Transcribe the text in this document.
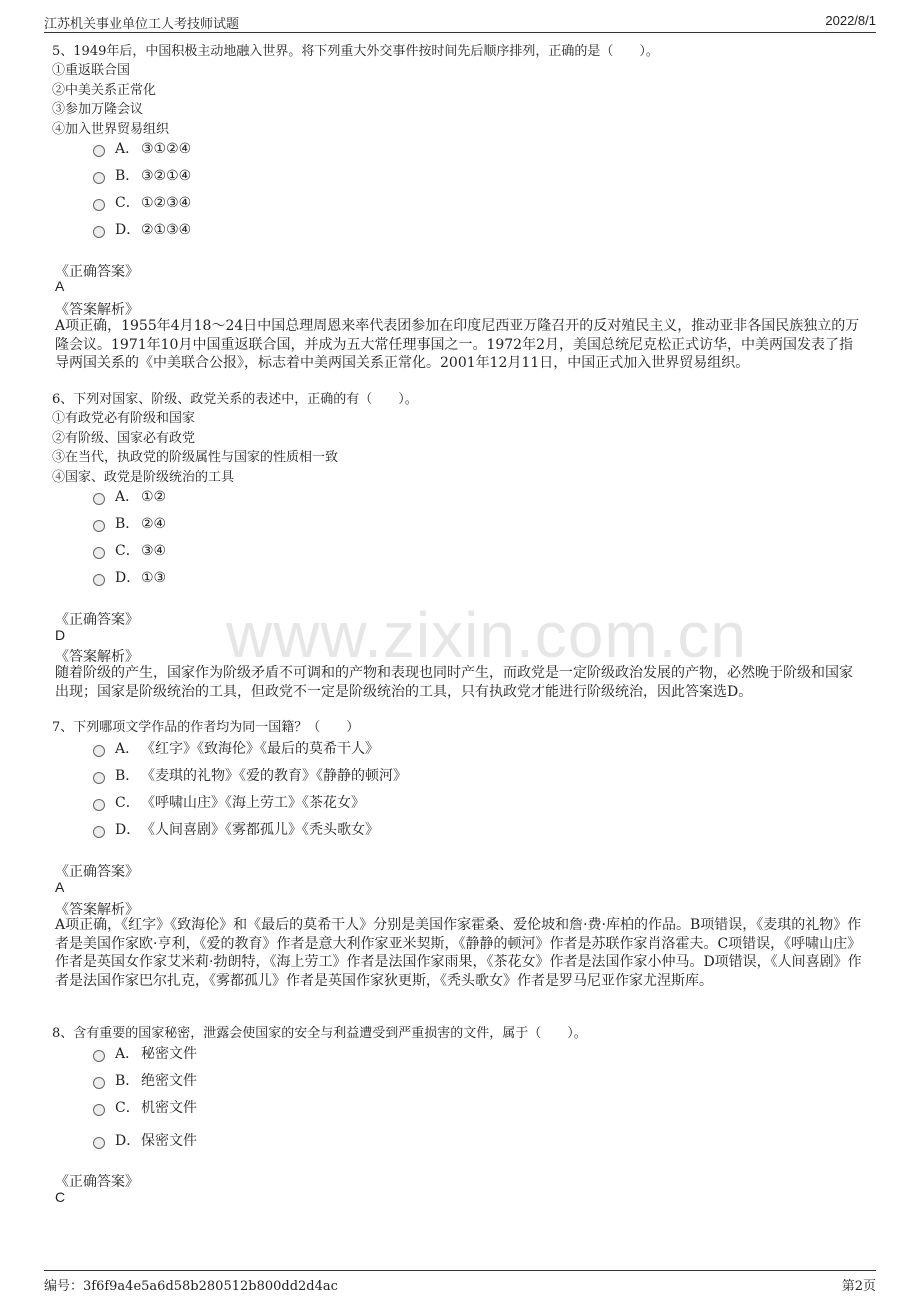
江苏机关事业单位工人考技师试题	2022/8/1
www.zixin.com.cn
5、1949年后，中国积极主动地融入世界。将下列重大外交事件按时间先后顺序排列，正确的是（　　）。
①重返联合国
②中美关系正常化
③参加万隆会议
④加入世界贸易组织
A． ③①②④
B． ③②①④
C．①②③④
D．②①③④
《正确答案》
A
《答案解析》
A项正确，1955年4月18～24日中国总理周恩来率代表团参加在印度尼西亚万隆召开的反对殖民主义，推动亚非各国民族独立的万隆会议。1971年10月中国重返联合国，并成为五大常任理事国之一。1972年2月，美国总统尼克松正式访华，中美两国发表了指导两国关系的《中美联合公报》，标志着中美两国关系正常化。2001年12月11日，中国正式加入世界贸易组织。
6、下列对国家、阶级、政党关系的表述中，正确的有（　　）。
①有政党必有阶级和国家
②有阶级、国家必有政党
③在当代，执政党的阶级属性与国家的性质相一致
④国家、政党是阶级统治的工具
A． ①②
B． ②④
C．③④
D．①③
《正确答案》
D
《答案解析》
随着阶级的产生，国家作为阶级矛盾不可调和的产物和表现也同时产生，而政党是一定阶级政治发展的产物，必然晚于阶级和国家出现；国家是阶级统治的工具，但政党不一定是阶级统治的工具，只有执政党才能进行阶级统治，因此答案选D。
7、下列哪项文学作品的作者均为同一国籍？（　　）
A． 《红字》《致海伦》《最后的莫希干人》
B． 《麦琪的礼物》《爱的教育》《静静的顿河》
C．《呼啸山庄》《海上劳工》《茶花女》
D．《人间喜剧》《雾都孤儿》《秃头歌女》
《正确答案》
A
《答案解析》
A项正确，《红字》《致海伦》和《最后的莫希干人》分别是美国作家霍桑、爱伦坡和詹·费·库柏的作品。B项错误，《麦琪的礼物》作者是美国作家欧·亨利，《爱的教育》作者是意大利作家亚米契斯，《静静的顿河》作者是苏联作家肖洛霍夫。C项错误，《呼啸山庄》作者是英国女作家艾米莉·勃朗特，《海上劳工》作者是法国作家雨果，《茶花女》作者是法国作家小仲马。D项错误，《人间喜剧》作者是法国作家巴尔扎克，《雾都孤儿》作者是英国作家狄更斯，《秃头歌女》作者是罗马尼亚作家尤涅斯库。
8、含有重要的国家秘密，泄露会使国家的安全与利益遭受到严重损害的文件，属于（　　）。
A． 秘密文件
B． 绝密文件
C．机密文件
D．保密文件
《正确答案》
C
编号：3f6f9a4e5a6d58b280512b800dd2d4ac	第2页
